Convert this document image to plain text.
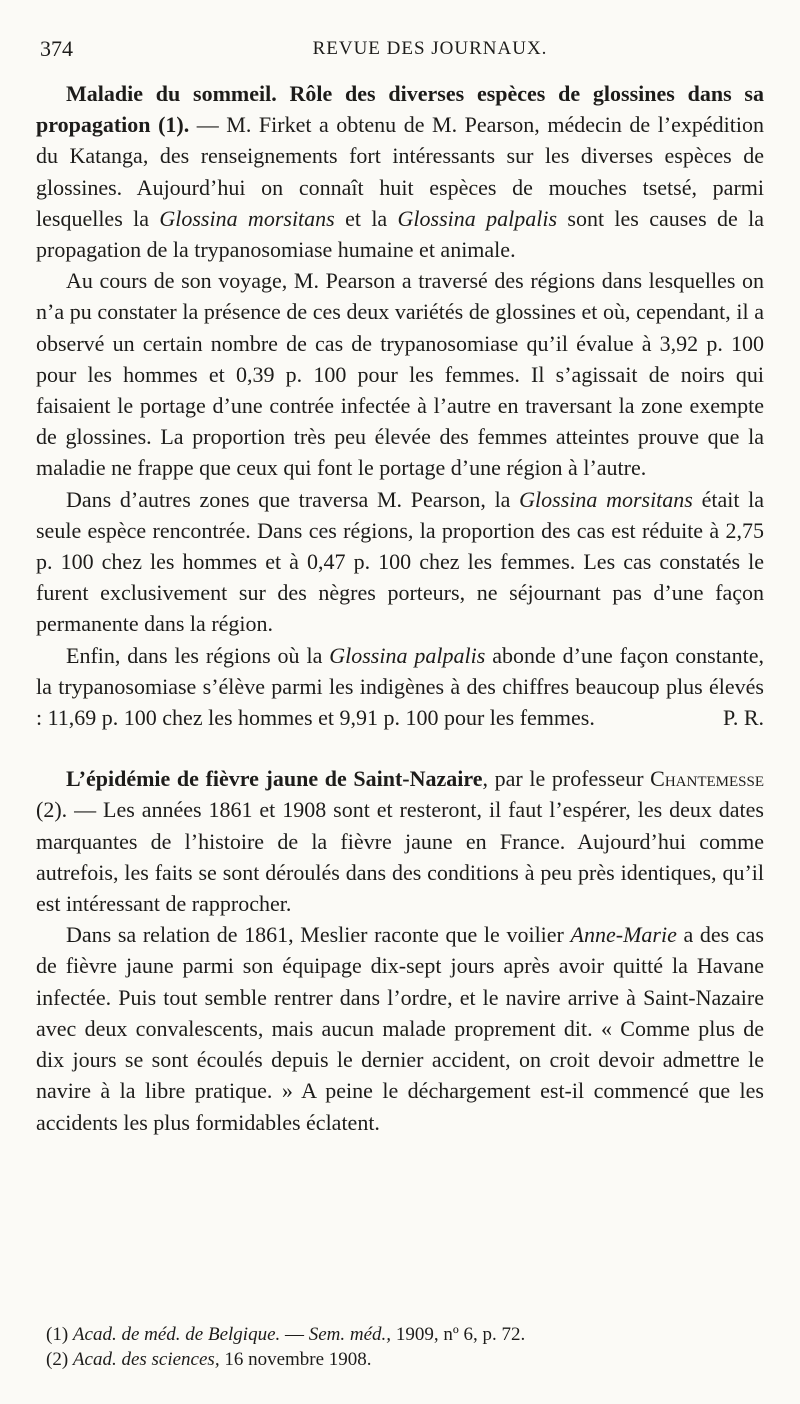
374	REVUE DES JOURNAUX.

Maladie du sommeil. Rôle des diverses espèces de glossines dans sa propagation (1). — M. Firket a obtenu de M. Pearson, médecin de l’expédition du Katanga, des renseignements fort intéressants sur les diverses espèces de glossines. Aujourd’hui on connaît huit espèces de mouches tsetsé, parmi lesquelles la Glossina morsitans et la Glossina palpalis sont les causes de la propagation de la trypanosomiase humaine et animale.

Au cours de son voyage, M. Pearson a traversé des régions dans lesquelles on n’a pu constater la présence de ces deux variétés de glossines et où, cependant, il a observé un certain nombre de cas de trypanosomiase qu’il évalue à 3,92 p. 100 pour les hommes et 0,39 p. 100 pour les femmes. Il s’agissait de noirs qui faisaient le portage d’une contrée infectée à l’autre en traversant la zone exempte de glossines. La proportion très peu élevée des femmes atteintes prouve que la maladie ne frappe que ceux qui font le portage d’une région à l’autre.

Dans d’autres zones que traversa M. Pearson, la Glossina morsitans était la seule espèce rencontrée. Dans ces régions, la proportion des cas est réduite à 2,75 p. 100 chez les hommes et à 0,47 p. 100 chez les femmes. Les cas constatés le furent exclusivement sur des nègres porteurs, ne séjournant pas d’une façon permanente dans la région.

Enfin, dans les régions où la Glossina palpalis abonde d’une façon constante, la trypanosomiase s’élève parmi les indigènes à des chiffres beaucoup plus élevés : 11,69 p. 100 chez les hommes et 9,91 p. 100 pour les femmes.	P. R.

L’épidémie de fièvre jaune de Saint-Nazaire, par le professeur Chantemesse (2). — Les années 1861 et 1908 sont et resteront, il faut l’espérer, les deux dates marquantes de l’histoire de la fièvre jaune en France. Aujourd’hui comme autrefois, les faits se sont déroulés dans des conditions à peu près identiques, qu’il est intéressant de rapprocher.

Dans sa relation de 1861, Meslier raconte que le voilier Anne-Marie a des cas de fièvre jaune parmi son équipage dix-sept jours après avoir quitté la Havane infectée. Puis tout semble rentrer dans l’ordre, et le navire arrive à Saint-Nazaire avec deux convalescents, mais aucun malade proprement dit. « Comme plus de dix jours se sont écoulés depuis le dernier accident, on croit devoir admettre le navire à la libre pratique. » A peine le déchargement est-il commencé que les accidents les plus formidables éclatent.

(1) Acad. de méd. de Belgique. — Sem. méd., 1909, nº 6, p. 72.
(2) Acad. des sciences, 16 novembre 1908.
